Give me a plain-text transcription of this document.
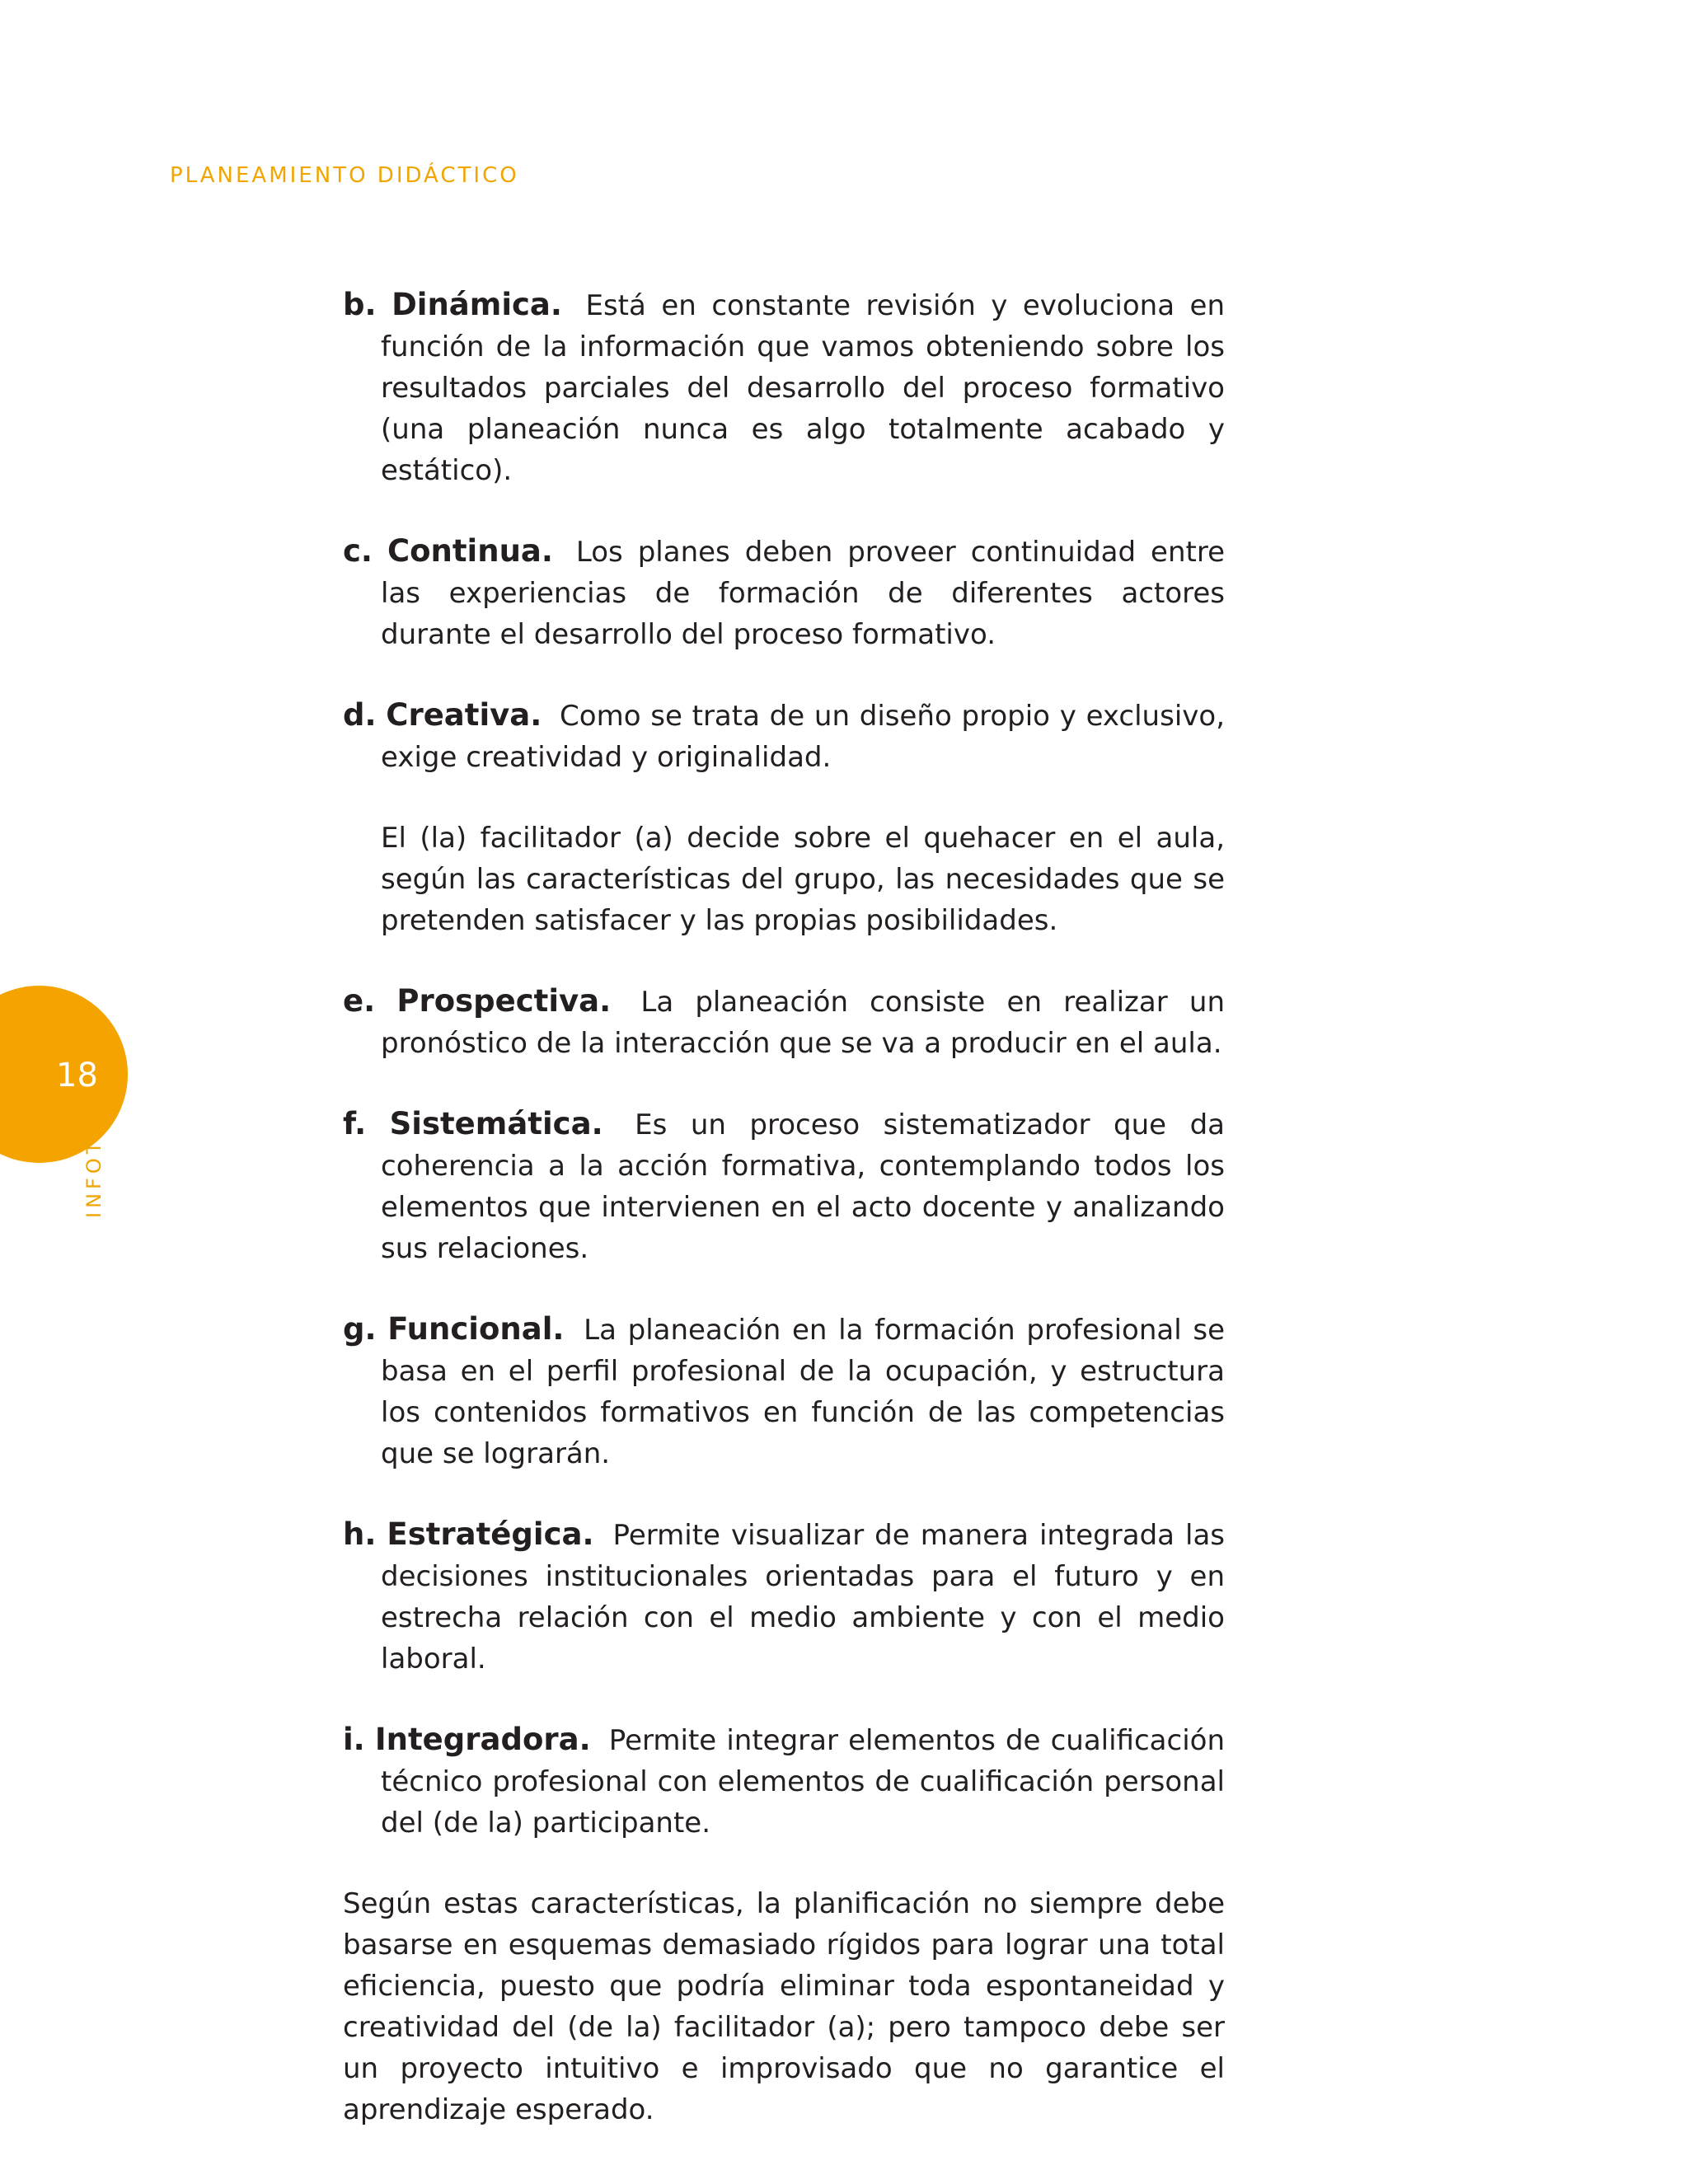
PLANEAMIENTO DIDÁCTICO
18
INFOTEP

b. Dinámica. Está en constante revisión y evoluciona en función de la información que vamos obteniendo sobre los resultados parciales del desarrollo del proceso formativo (una planeación nunca es algo totalmente acabado y estático).

c. Continua. Los planes deben proveer continuidad entre las experiencias de formación de diferentes actores durante el desarrollo del proceso formativo.

d. Creativa. Como se trata de un diseño propio y exclusivo, exige creatividad y originalidad.

El (la) facilitador (a) decide sobre el quehacer en el aula, según las características del grupo, las necesidades que se pretenden satisfacer y las propias posibilidades.

e. Prospectiva. La planeación consiste en realizar un pronóstico de la interacción que se va a producir en el aula.

f. Sistemática. Es un proceso sistematizador que da coherencia a la acción formativa, contemplando todos los elementos que intervienen en el acto docente y analizando sus relaciones.

g. Funcional. La planeación en la formación profesional se basa en el perfil profesional de la ocupación, y estructura los contenidos formativos en función de las competencias que se lograrán.

h. Estratégica. Permite visualizar de manera integrada las decisiones institucionales orientadas para el futuro y en estrecha relación con el medio ambiente y con el medio laboral.

i. Integradora. Permite integrar elementos de cualificación técnico profesional con elementos de cualificación personal del (de la) participante.

Según estas características, la planificación no siempre debe basarse en esquemas demasiado rígidos para lograr una total eficiencia, puesto que podría eliminar toda espontaneidad y creatividad del (de la) facilitador (a); pero tampoco debe ser un proyecto intuitivo e improvisado que no garantice el aprendizaje esperado.
